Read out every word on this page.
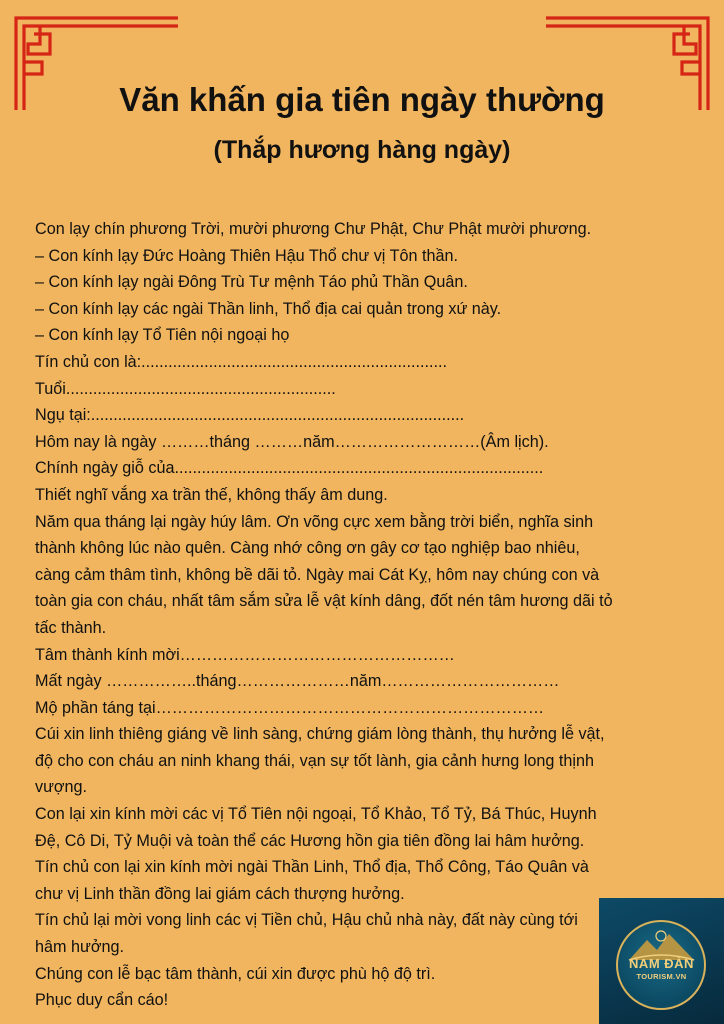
Văn khấn gia tiên ngày thường
(Thắp hương hàng ngày)

Con lạy chín phương Trời, mười phương Chư Phật, Chư Phật mười phương.

– Con kính lạy Đức Hoàng Thiên Hậu Thổ chư vị Tôn thần.

– Con kính lạy ngài Đông Trù Tư mệnh Táo phủ Thần Quân.

– Con kính lạy các ngài Thần linh, Thổ địa cai quản trong xứ này.

– Con kính lạy Tổ Tiên nội ngoại họ

Tín chủ con là:....................................................................

Tuổi............................................................

Ngụ tại:...................................................................................

Hôm nay là ngày ………tháng ………năm………………………(Âm lịch).

Chính ngày giỗ của..................................................................................

Thiết nghĩ vắng xa trần thế, không thấy âm dung.

Năm qua tháng lại ngày húy lâm. Ơn võng cực xem bằng trời biển, nghĩa sinh

thành không lúc nào quên. Càng nhớ công ơn gây cơ tạo nghiệp bao nhiêu,

càng cảm thâm tình, không bề dãi tỏ. Ngày mai Cát Kỵ, hôm nay chúng con và

toàn gia con cháu, nhất tâm sắm sửa lễ vật kính dâng, đốt nén tâm hương dãi tỏ

tấc thành.

Tâm thành kính mời……………………………………………

Mất ngày ……………..tháng…………………năm……………………………

Mộ phần táng tại………………………………………………………………

Cúi xin linh thiêng giáng về linh sàng, chứng giám lòng thành, thụ hưởng lễ vật,

độ cho con cháu an ninh khang thái, vạn sự tốt lành, gia cảnh hưng long thịnh

vượng.

Con lại xin kính mời các vị Tổ Tiên nội ngoại, Tổ Khảo, Tổ Tỷ, Bá Thúc, Huynh

Đệ, Cô Di, Tỷ Muội và toàn thể các Hương hồn gia tiên đồng lai hâm hưởng.

Tín chủ con lại xin kính mời ngài Thần Linh, Thổ địa, Thổ Công, Táo Quân và

chư vị Linh thần đồng lai giám cách thượng hưởng.

Tín chủ lại mời vong linh các vị Tiền chủ, Hậu chủ nhà này, đất này cùng tới

hâm hưởng.

Chúng con lễ bạc tâm thành, cúi xin được phù hộ độ trì.

Phục duy cẩn cáo!

NAM ĐÀN
TOURISM.VN
